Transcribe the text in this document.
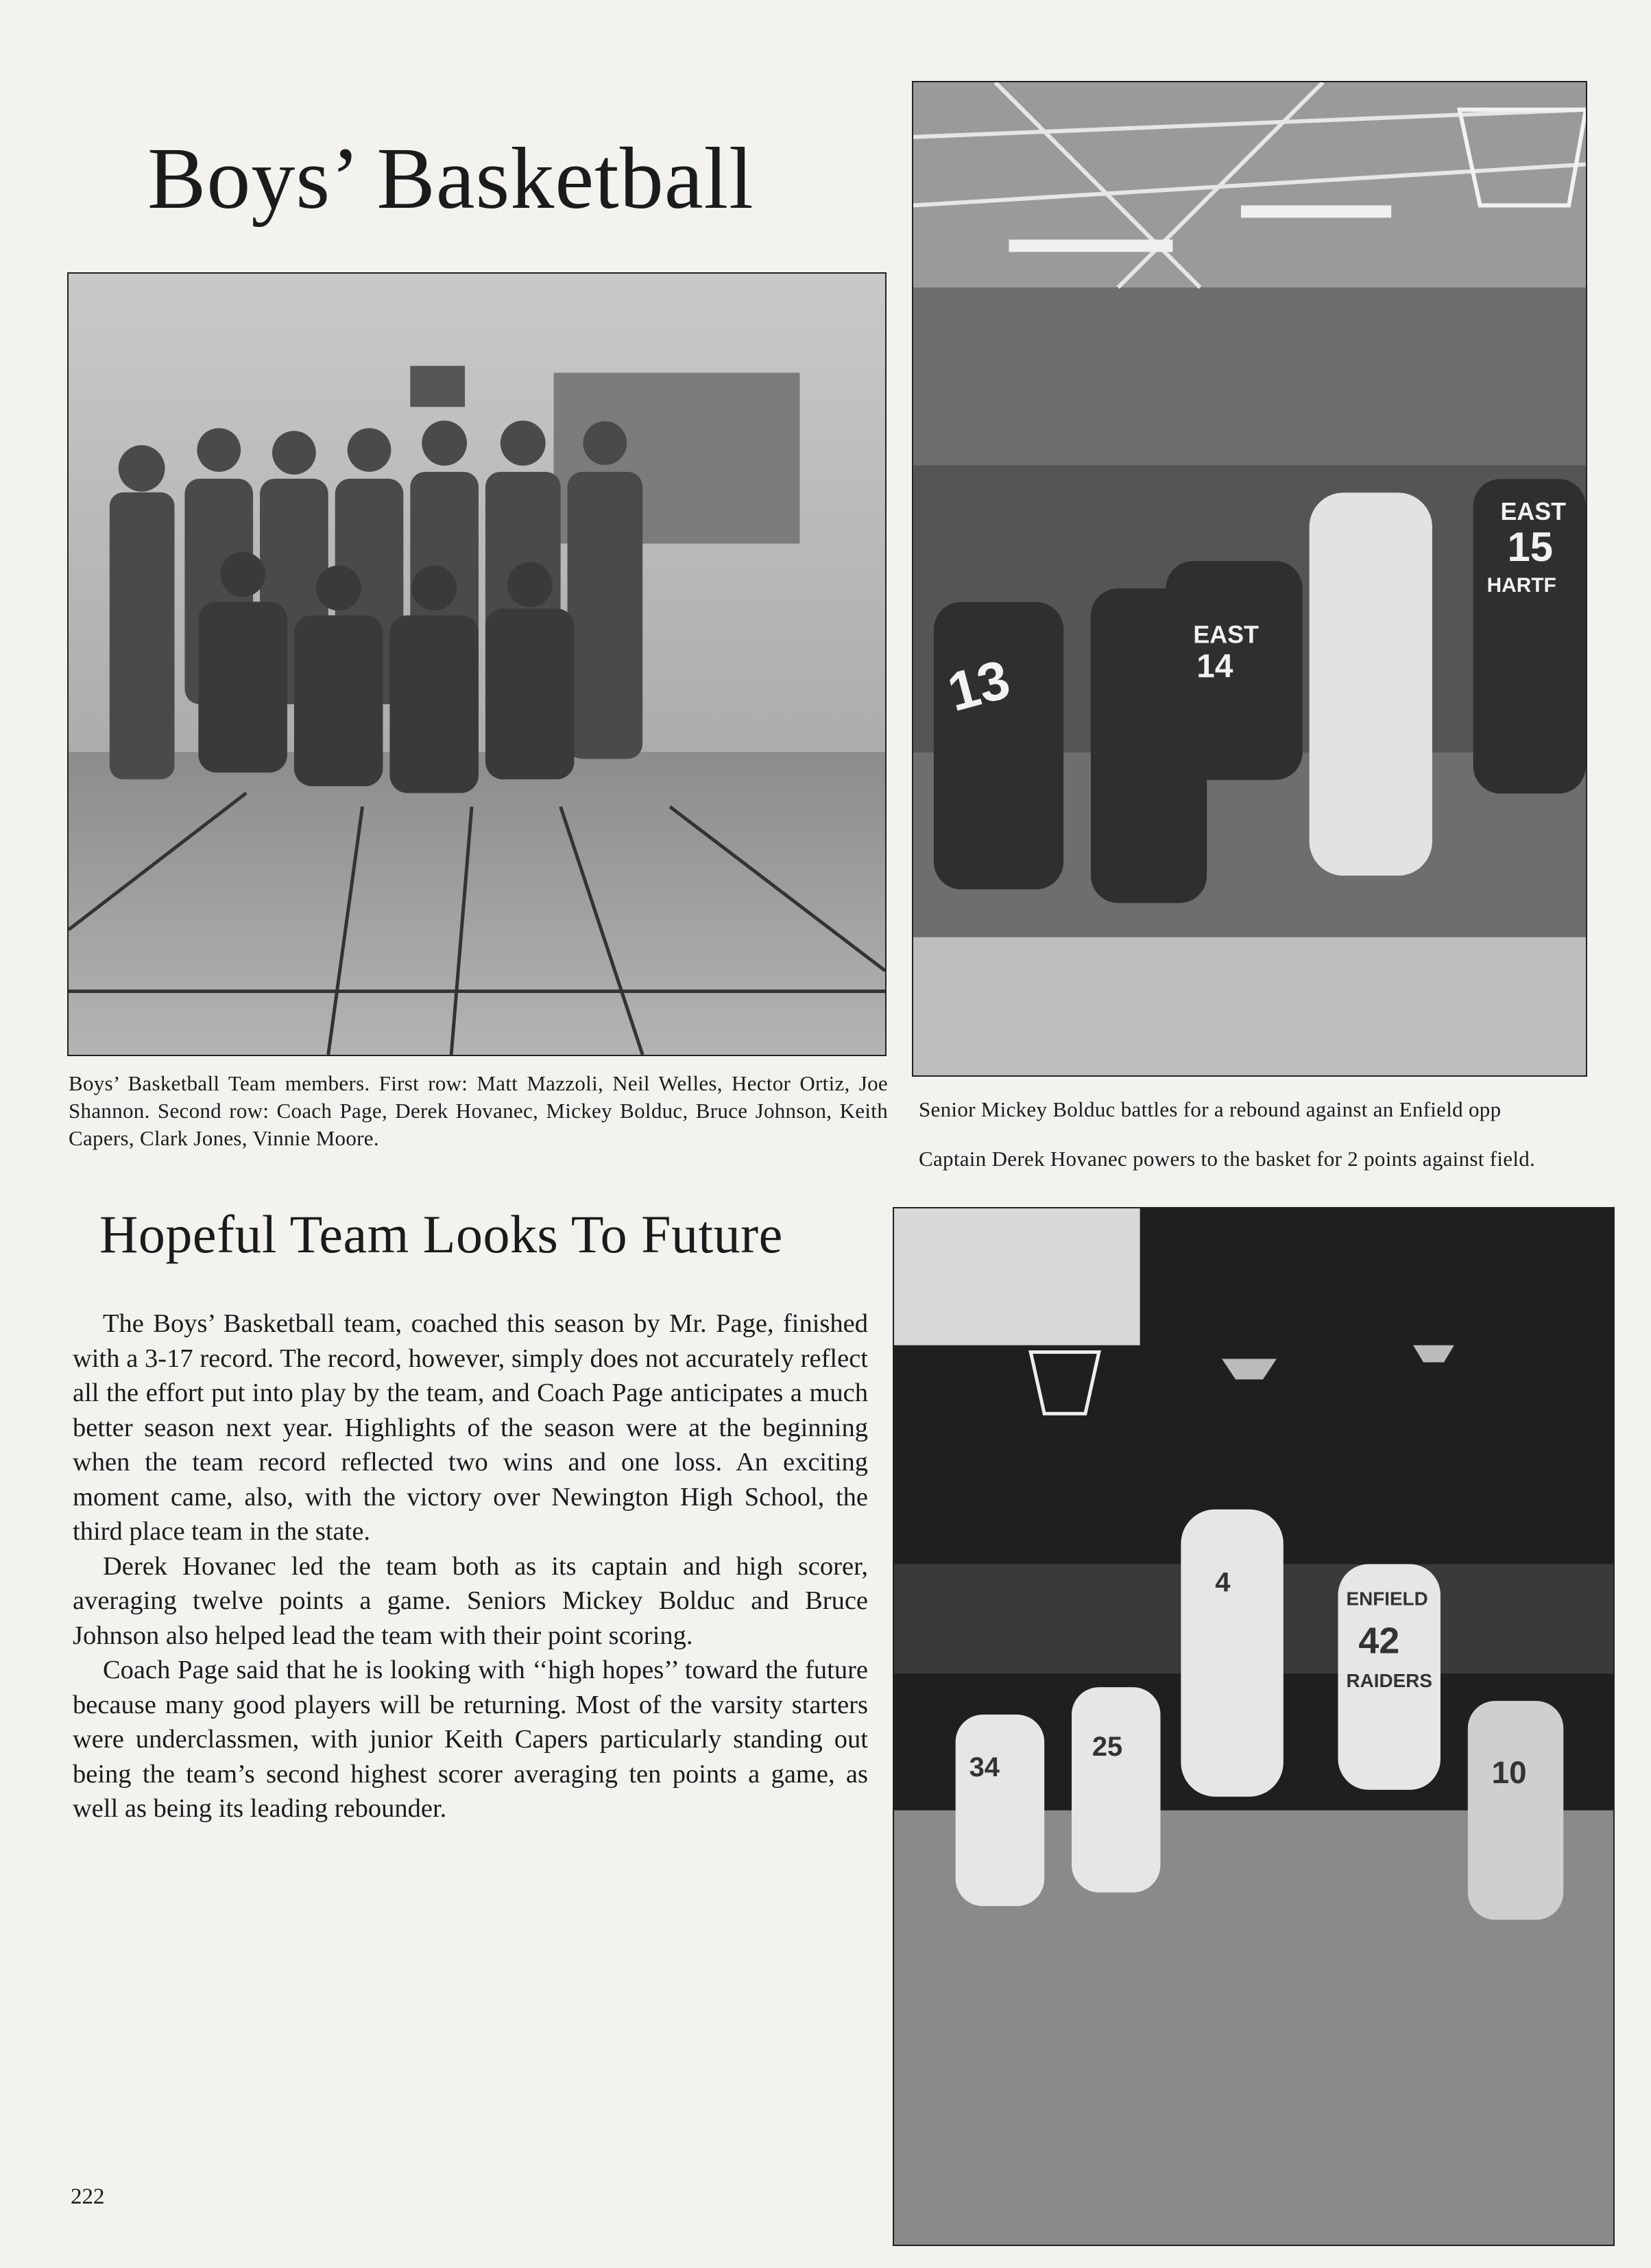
Boys’ Basketball
EAST
14
13
EAST
15
HARTF
ENFIELD
42
RAIDERS
10
25
34
4

Boys’ Basketball Team members. First row: Matt Mazzoli, Neil Welles, Hector Ortiz, Joe Shannon. Second row: Coach Page, Derek Hovanec, Mickey Bolduc, Bruce Johnson, Keith Capers, Clark Jones, Vinnie Moore.

Senior Mickey Bolduc battles for a rebound against an Enfield opp

Captain Derek Hovanec powers to the basket for 2 points against field.

Hopeful Team Looks To Future

The Boys’ Basketball team, coached this season by Mr. Page, finished with a 3-17 record. The record, however, simply does not accurately reflect all the effort put into play by the team, and Coach Page anticipates a much better season next year. Highlights of the season were at the beginning when the team record reflected two wins and one loss. An exciting moment came, also, with the victory over Newington High School, the third place team in the state.

Derek Hovanec led the team both as its captain and high scorer, averaging twelve points a game. Seniors Mickey Bolduc and Bruce Johnson also helped lead the team with their point scoring.

Coach Page said that he is looking with ‘‘high hopes’’ toward the future because many good players will be returning. Most of the varsity starters were underclassmen, with junior Keith Capers particularly standing out being the team’s second highest scorer averaging ten points a game, as well as being its leading rebounder.

222
